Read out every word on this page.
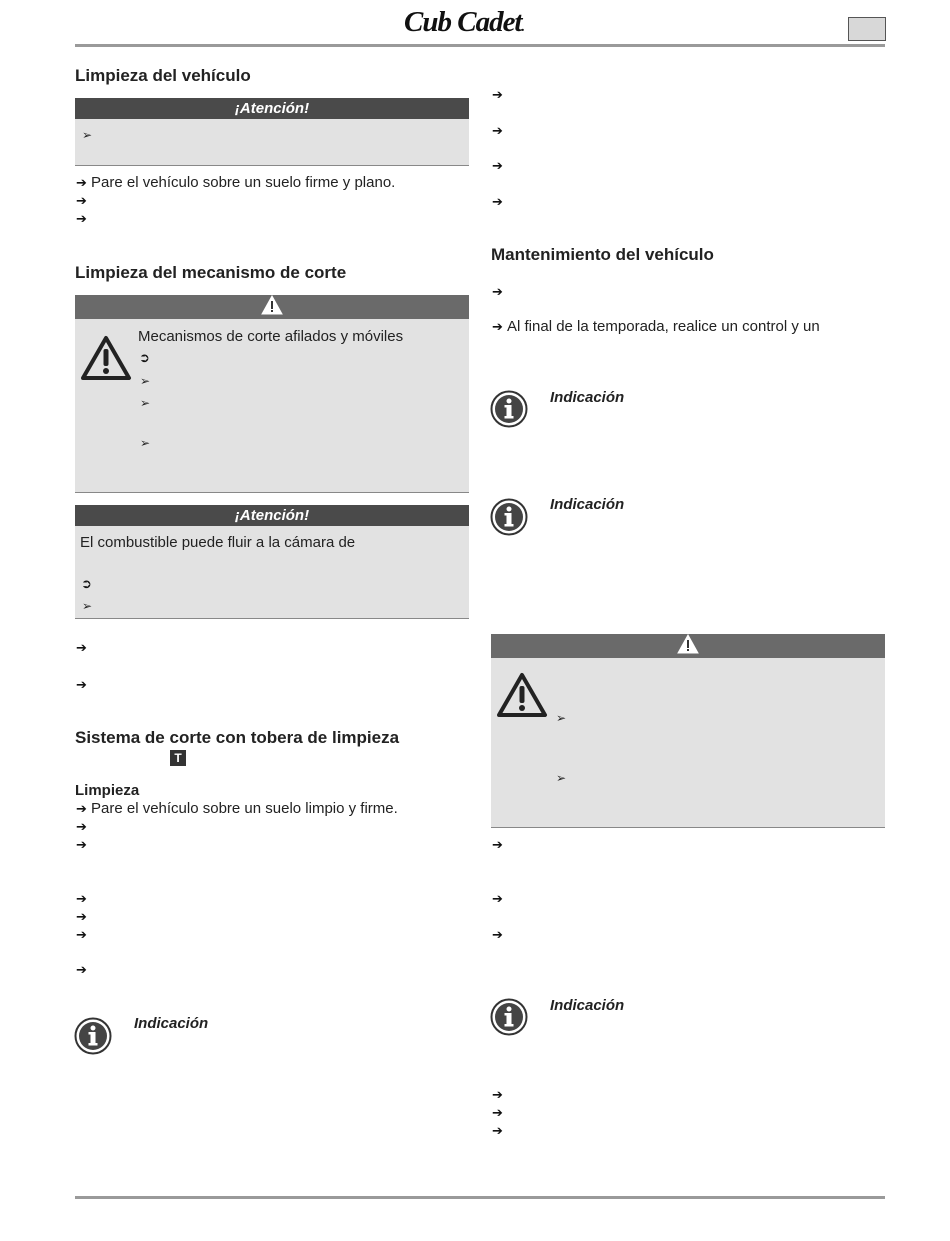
Cub Cadet.
Limpieza del vehículo
¡Atención!
➢
➔ Pare el vehículo sobre un suelo firme y plano.
➔
➔
Limpieza del mecanismo de corte
Mecanismos de corte afilados y móviles
➲
➢
➢
➢
¡Atención!
El combustible puede fluir a la cámara de
➲
➢
➔
➔
Sistema de corte con tobera de limpieza
T
Limpieza
➔ Pare el vehículo sobre un suelo limpio y firme.
➔
➔
➔
➔
➔
➔
Indicación
➔
➔
➔
➔
Mantenimiento del vehículo
➔
➔ Al final de la temporada, realice un control y un
Indicación
Indicación
➢
➢
➔
➔
➔
Indicación
➔
➔
➔
